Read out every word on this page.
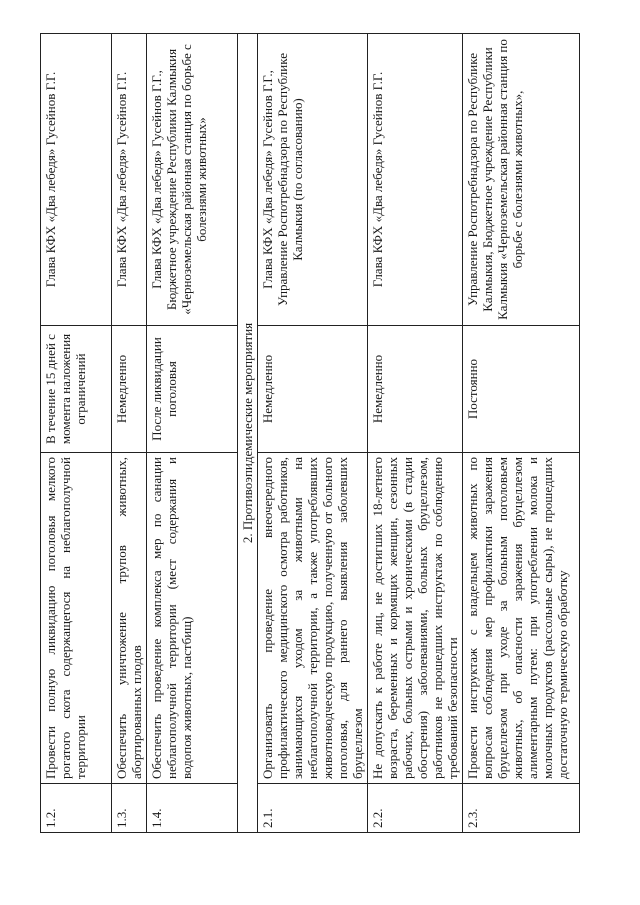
1.2.	Провести полную ликвидацию поголовья мелкого рогатого скота содержащегося на неблагополучной территории	В течение 15 дней с момента наложения ограничений	Глава КФХ «Два лебедя» Гусейнов Г.Г.
1.3.	Обеспечить уничтожение трупов животных, абортированных плодов	Немедленно	Глава КФХ «Два лебедя» Гусейнов Г.Г.
1.4.	Обеспечить проведение комплекса мер по санации неблагополучной территории (мест содержания и водопоя животных, пастбищ)	После ликвидации поголовья	Глава КФХ «Два лебедя» Гусейнов Г.Г., Бюджетное учреждение Республики Калмыкия «Черноземельская районная станция по борьбе с болезнями животных»
2. Противоэпидемические мероприятия			
2.1.	Организовать проведение внеочередного профилактического медицинского осмотра работников, занимающихся уходом за животными на неблагополучной территории, а также употреблявших животноводческую продукцию, полученную от больного поголовья, для раннего выявления заболевших бруцеллезом	Немедленно	Глава КФХ «Два лебедя» Гусейнов Г.Г., Управление Роспотребнадзора по Республике Калмыкия (по согласованию)
2.2.	Не допускать к работе лиц, не достигших 18-летнего возраста, беременных и кормящих женщин, сезонных рабочих, больных острыми и хроническими (в стадии обострения) заболеваниями, больных бруцеллезом, работников не прошедших инструктаж по соблюдению требований безопасности	Немедленно	Глава КФХ «Два лебедя» Гусейнов Г.Г.
2.3.	Провести инструктаж с владельцем животных по вопросам соблюдения мер профилактики заражения бруцеллезом при уходе за больным поголовьем животных, об опасности заражения бруцеллезом алиментарным путем: при употреблении молока и молочных продуктов (рассольные сыры), не прошедших достаточную термическую обработку	Постоянно	Управление Роспотребнадзора по Республике Калмыкия, Бюджетное учреждение Республики Калмыкия «Черноземельская районная станция по борьбе с болезнями животных»,
